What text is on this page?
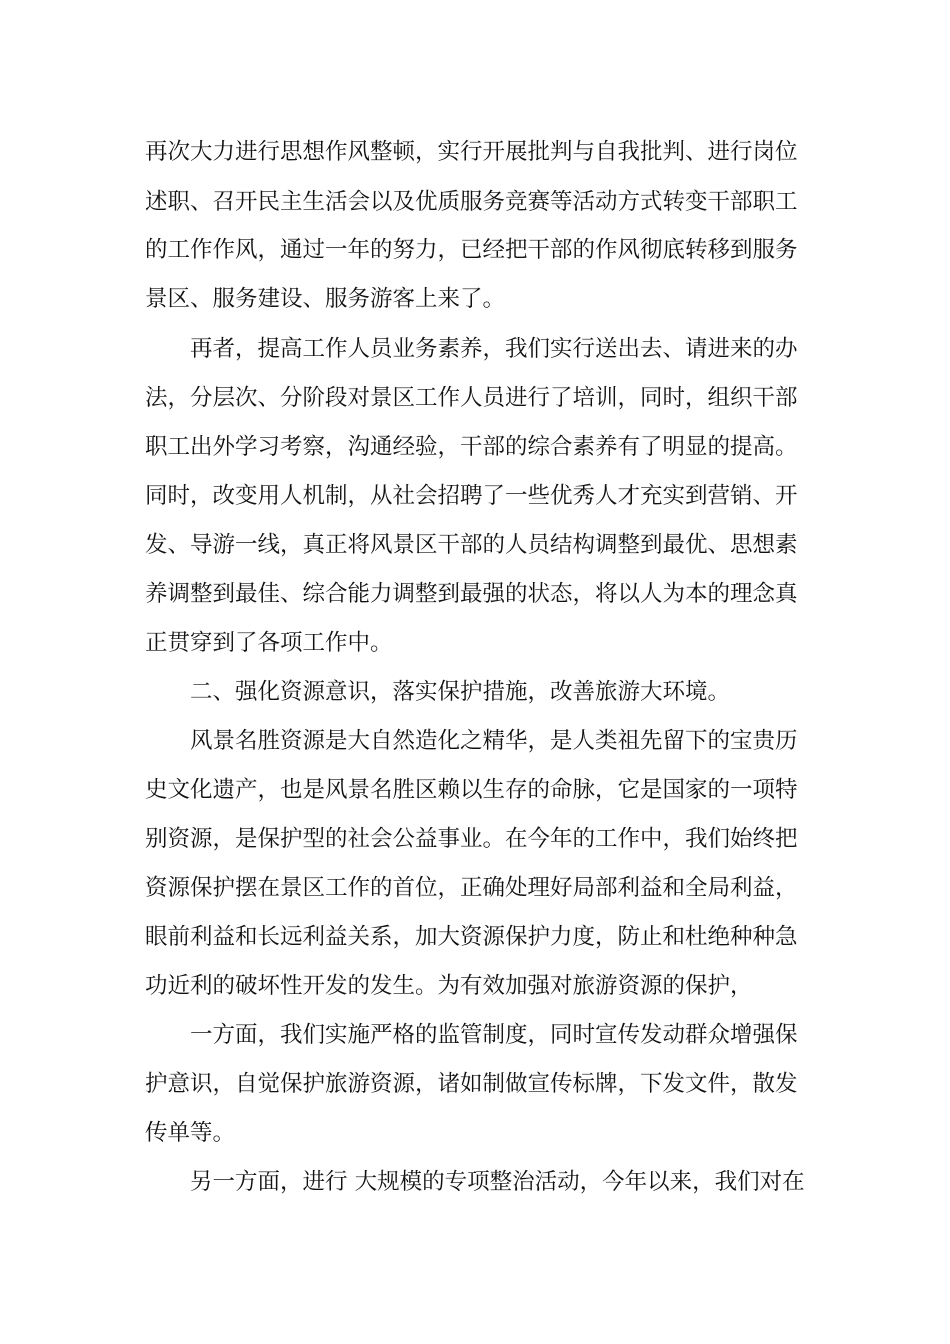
再次大力进行思想作风整顿，实行开展批判与自我批判、进行岗位
述职、召开民主生活会以及优质服务竞赛等活动方式转变干部职工
的工作作风，通过一年的努力，已经把干部的作风彻底转移到服务
景区、服务建设、服务游客上来了。
再者，提高工作人员业务素养，我们实行送出去、请进来的办
法，分层次、分阶段对景区工作人员进行了培训，同时，组织干部
职工出外学习考察，沟通经验，干部的综合素养有了明显的提高。
同时，改变用人机制，从社会招聘了一些优秀人才充实到营销、开
发、导游一线，真正将风景区干部的人员结构调整到最优、思想素
养调整到最佳、综合能力调整到最强的状态，将以人为本的理念真
正贯穿到了各项工作中。
二、强化资源意识，落实保护措施，改善旅游大环境。
风景名胜资源是大自然造化之精华，是人类祖先留下的宝贵历
史文化遗产，也是风景名胜区赖以生存的命脉，它是国家的一项特
别资源，是保护型的社会公益事业。在今年的工作中，我们始终把
资源保护摆在景区工作的首位，正确处理好局部利益和全局利益，
眼前利益和长远利益关系，加大资源保护力度，防止和杜绝种种急
功近利的破坏性开发的发生。为有效加强对旅游资源的保护，
一方面，我们实施严格的监管制度，同时宣传发动群众增强保
护意识，自觉保护旅游资源，诸如制做宣传标牌，下发文件，散发
传单等。
另一方面，进行 大规模的专项整治活动，今年以来，我们对在
